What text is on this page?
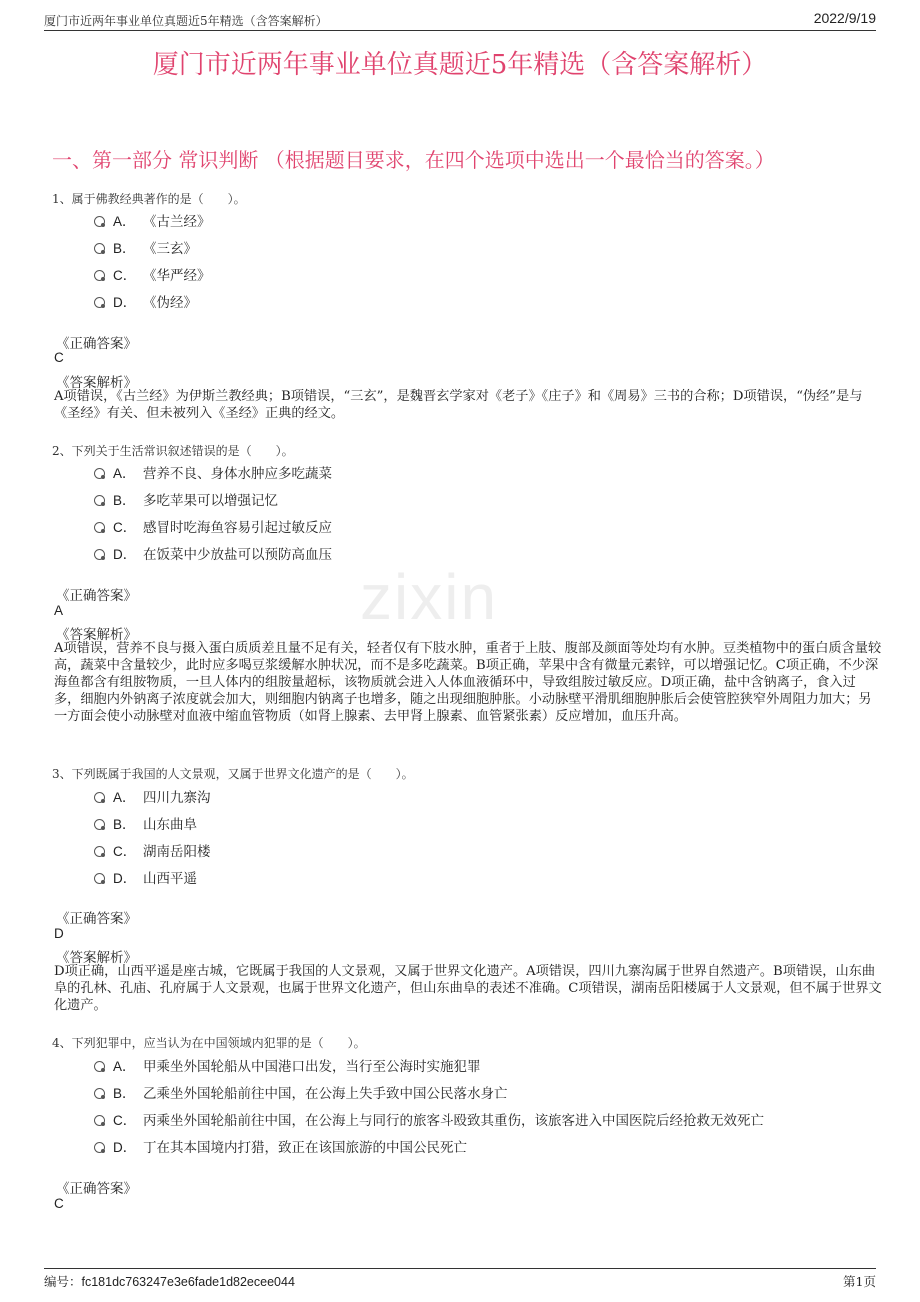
厦门市近两年事业单位真题近5年精选（含答案解析）	2022/9/19
zixin
厦门市近两年事业单位真题近5年精选（含答案解析）
一、第一部分 常识判断 （根据题目要求，在四个选项中选出一个最恰当的答案。）
1、属于佛教经典著作的是（　　）。
A． 《古兰经》
B． 《三玄》
C． 《华严经》
D． 《伪经》
《正确答案》
C
《答案解析》
A项错误，《古兰经》为伊斯兰教经典；B项错误，“三玄”，是魏晋玄学家对《老子》《庄子》和《周易》三书的合称；D项错误，“伪经”是与《圣经》有关、但未被列入《圣经》正典的经文。
2、下列关于生活常识叙述错误的是（　　）。
A． 营养不良、身体水肿应多吃蔬菜
B． 多吃苹果可以增强记忆
C． 感冒时吃海鱼容易引起过敏反应
D． 在饭菜中少放盐可以预防高血压
《正确答案》
A
《答案解析》
A项错误，营养不良与摄入蛋白质质差且量不足有关，轻者仅有下肢水肿，重者于上肢、腹部及颜面等处均有水肿。豆类植物中的蛋白质含量较高，蔬菜中含量较少，此时应多喝豆浆缓解水肿状况，而不是多吃蔬菜。B项正确，苹果中含有微量元素锌，可以增强记忆。C项正确，不少深海鱼都含有组胺物质，一旦人体内的组胺量超标，该物质就会进入人体血液循环中，导致组胺过敏反应。D项正确，盐中含钠离子，食入过多，细胞内外钠离子浓度就会加大，则细胞内钠离子也增多，随之出现细胞肿胀。小动脉壁平滑肌细胞肿胀后会使管腔狭窄外周阻力加大；另一方面会使小动脉壁对血液中缩血管物质（如肾上腺素、去甲肾上腺素、血管紧张素）反应增加，血压升高。
3、下列既属于我国的人文景观，又属于世界文化遗产的是（　　）。
A． 四川九寨沟
B． 山东曲阜
C． 湖南岳阳楼
D． 山西平遥
《正确答案》
D
《答案解析》
D项正确，山西平遥是座古城，它既属于我国的人文景观，又属于世界文化遗产。A项错误，四川九寨沟属于世界自然遗产。B项错误，山东曲阜的孔林、孔庙、孔府属于人文景观，也属于世界文化遗产，但山东曲阜的表述不准确。C项错误，湖南岳阳楼属于人文景观，但不属于世界文化遗产。
4、下列犯罪中，应当认为在中国领域内犯罪的是（　　）。
A． 甲乘坐外国轮船从中国港口出发，当行至公海时实施犯罪
B． 乙乘坐外国轮船前往中国，在公海上失手致中国公民落水身亡
C． 丙乘坐外国轮船前往中国，在公海上与同行的旅客斗殴致其重伤，该旅客进入中国医院后经抢救无效死亡
D． 丁在其本国境内打猎，致正在该国旅游的中国公民死亡
《正确答案》
C
编号：fc181dc763247e3e6fade1d82ecee044	第1页
